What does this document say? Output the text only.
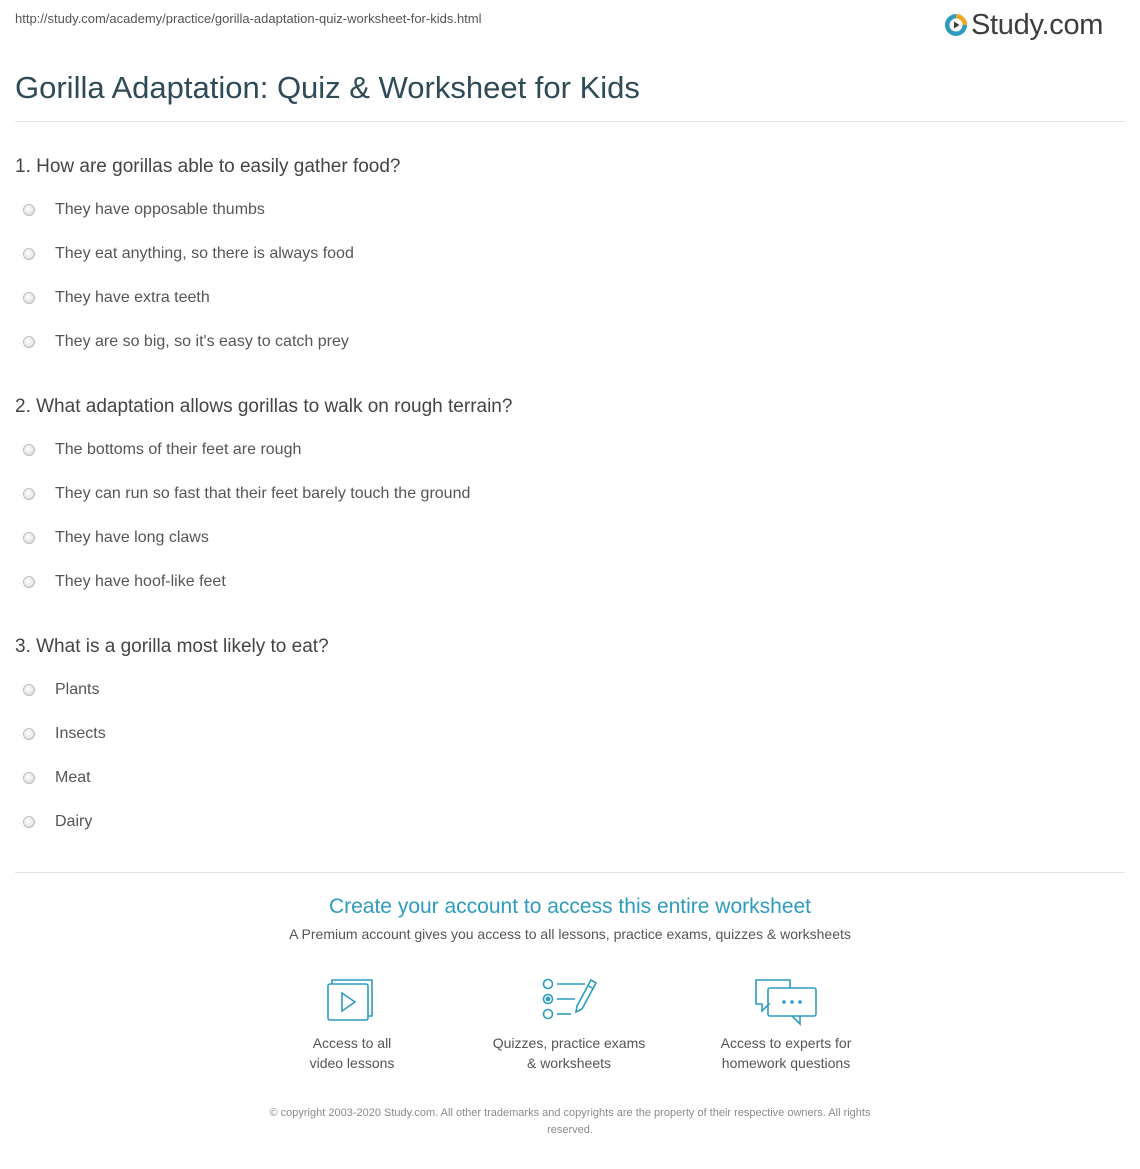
http://study.com/academy/practice/gorilla-adaptation-quiz-worksheet-for-kids.html	Study.com
Gorilla Adaptation: Quiz & Worksheet for Kids
1. How are gorillas able to easily gather food?
They have opposable thumbs
They eat anything, so there is always food
They have extra teeth
They are so big, so it's easy to catch prey
2. What adaptation allows gorillas to walk on rough terrain?
The bottoms of their feet are rough
They can run so fast that their feet barely touch the ground
They have long claws
They have hoof-like feet
3. What is a gorilla most likely to eat?
Plants
Insects
Meat
Dairy
Create your account to access this entire worksheet
A Premium account gives you access to all lessons, practice exams, quizzes & worksheets
Access to all
video lessons
Quizzes, practice exams
& worksheets
Access to experts for
homework questions
© copyright 2003-2020 Study.com. All other trademarks and copyrights are the property of their respective owners. All rights
reserved.
